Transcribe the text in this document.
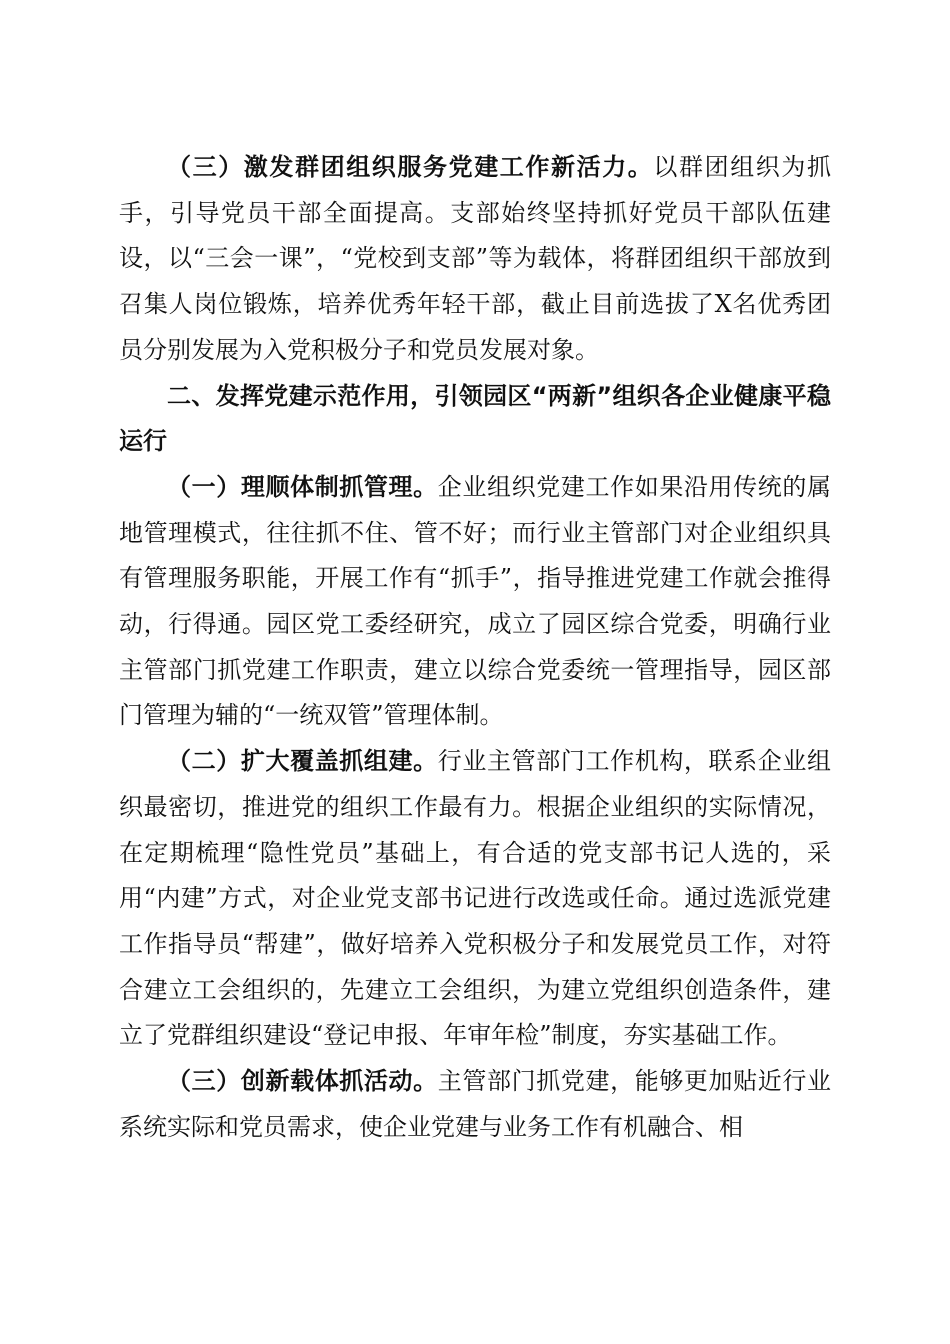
（三）激发群团组织服务党建工作新活力。以群团组织为抓手，引导党员干部全面提高。支部始终坚持抓好党员干部队伍建设，以“三会一课”，“党校到支部”等为载体，将群团组织干部放到召集人岗位锻炼，培养优秀年轻干部，截止目前选拔了X名优秀团员分别发展为入党积极分子和党员发展对象。

二、发挥党建示范作用，引领园区“两新”组织各企业健康平稳运行

（一）理顺体制抓管理。企业组织党建工作如果沿用传统的属地管理模式，往往抓不住、管不好；而行业主管部门对企业组织具有管理服务职能，开展工作有“抓手”，指导推进党建工作就会推得动，行得通。园区党工委经研究，成立了园区综合党委，明确行业主管部门抓党建工作职责，建立以综合党委统一管理指导，园区部门管理为辅的“一统双管”管理体制。

（二）扩大覆盖抓组建。行业主管部门工作机构，联系企业组织最密切，推进党的组织工作最有力。根据企业组织的实际情况，在定期梳理“隐性党员”基础上，有合适的党支部书记人选的，采用“内建”方式，对企业党支部书记进行改选或任命。通过选派党建工作指导员“帮建”，做好培养入党积极分子和发展党员工作，对符合建立工会组织的，先建立工会组织，为建立党组织创造条件，建立了党群组织建设“登记申报、年审年检”制度，夯实基础工作。

（三）创新载体抓活动。主管部门抓党建，能够更加贴近行业系统实际和党员需求，使企业党建与业务工作有机融合、相
